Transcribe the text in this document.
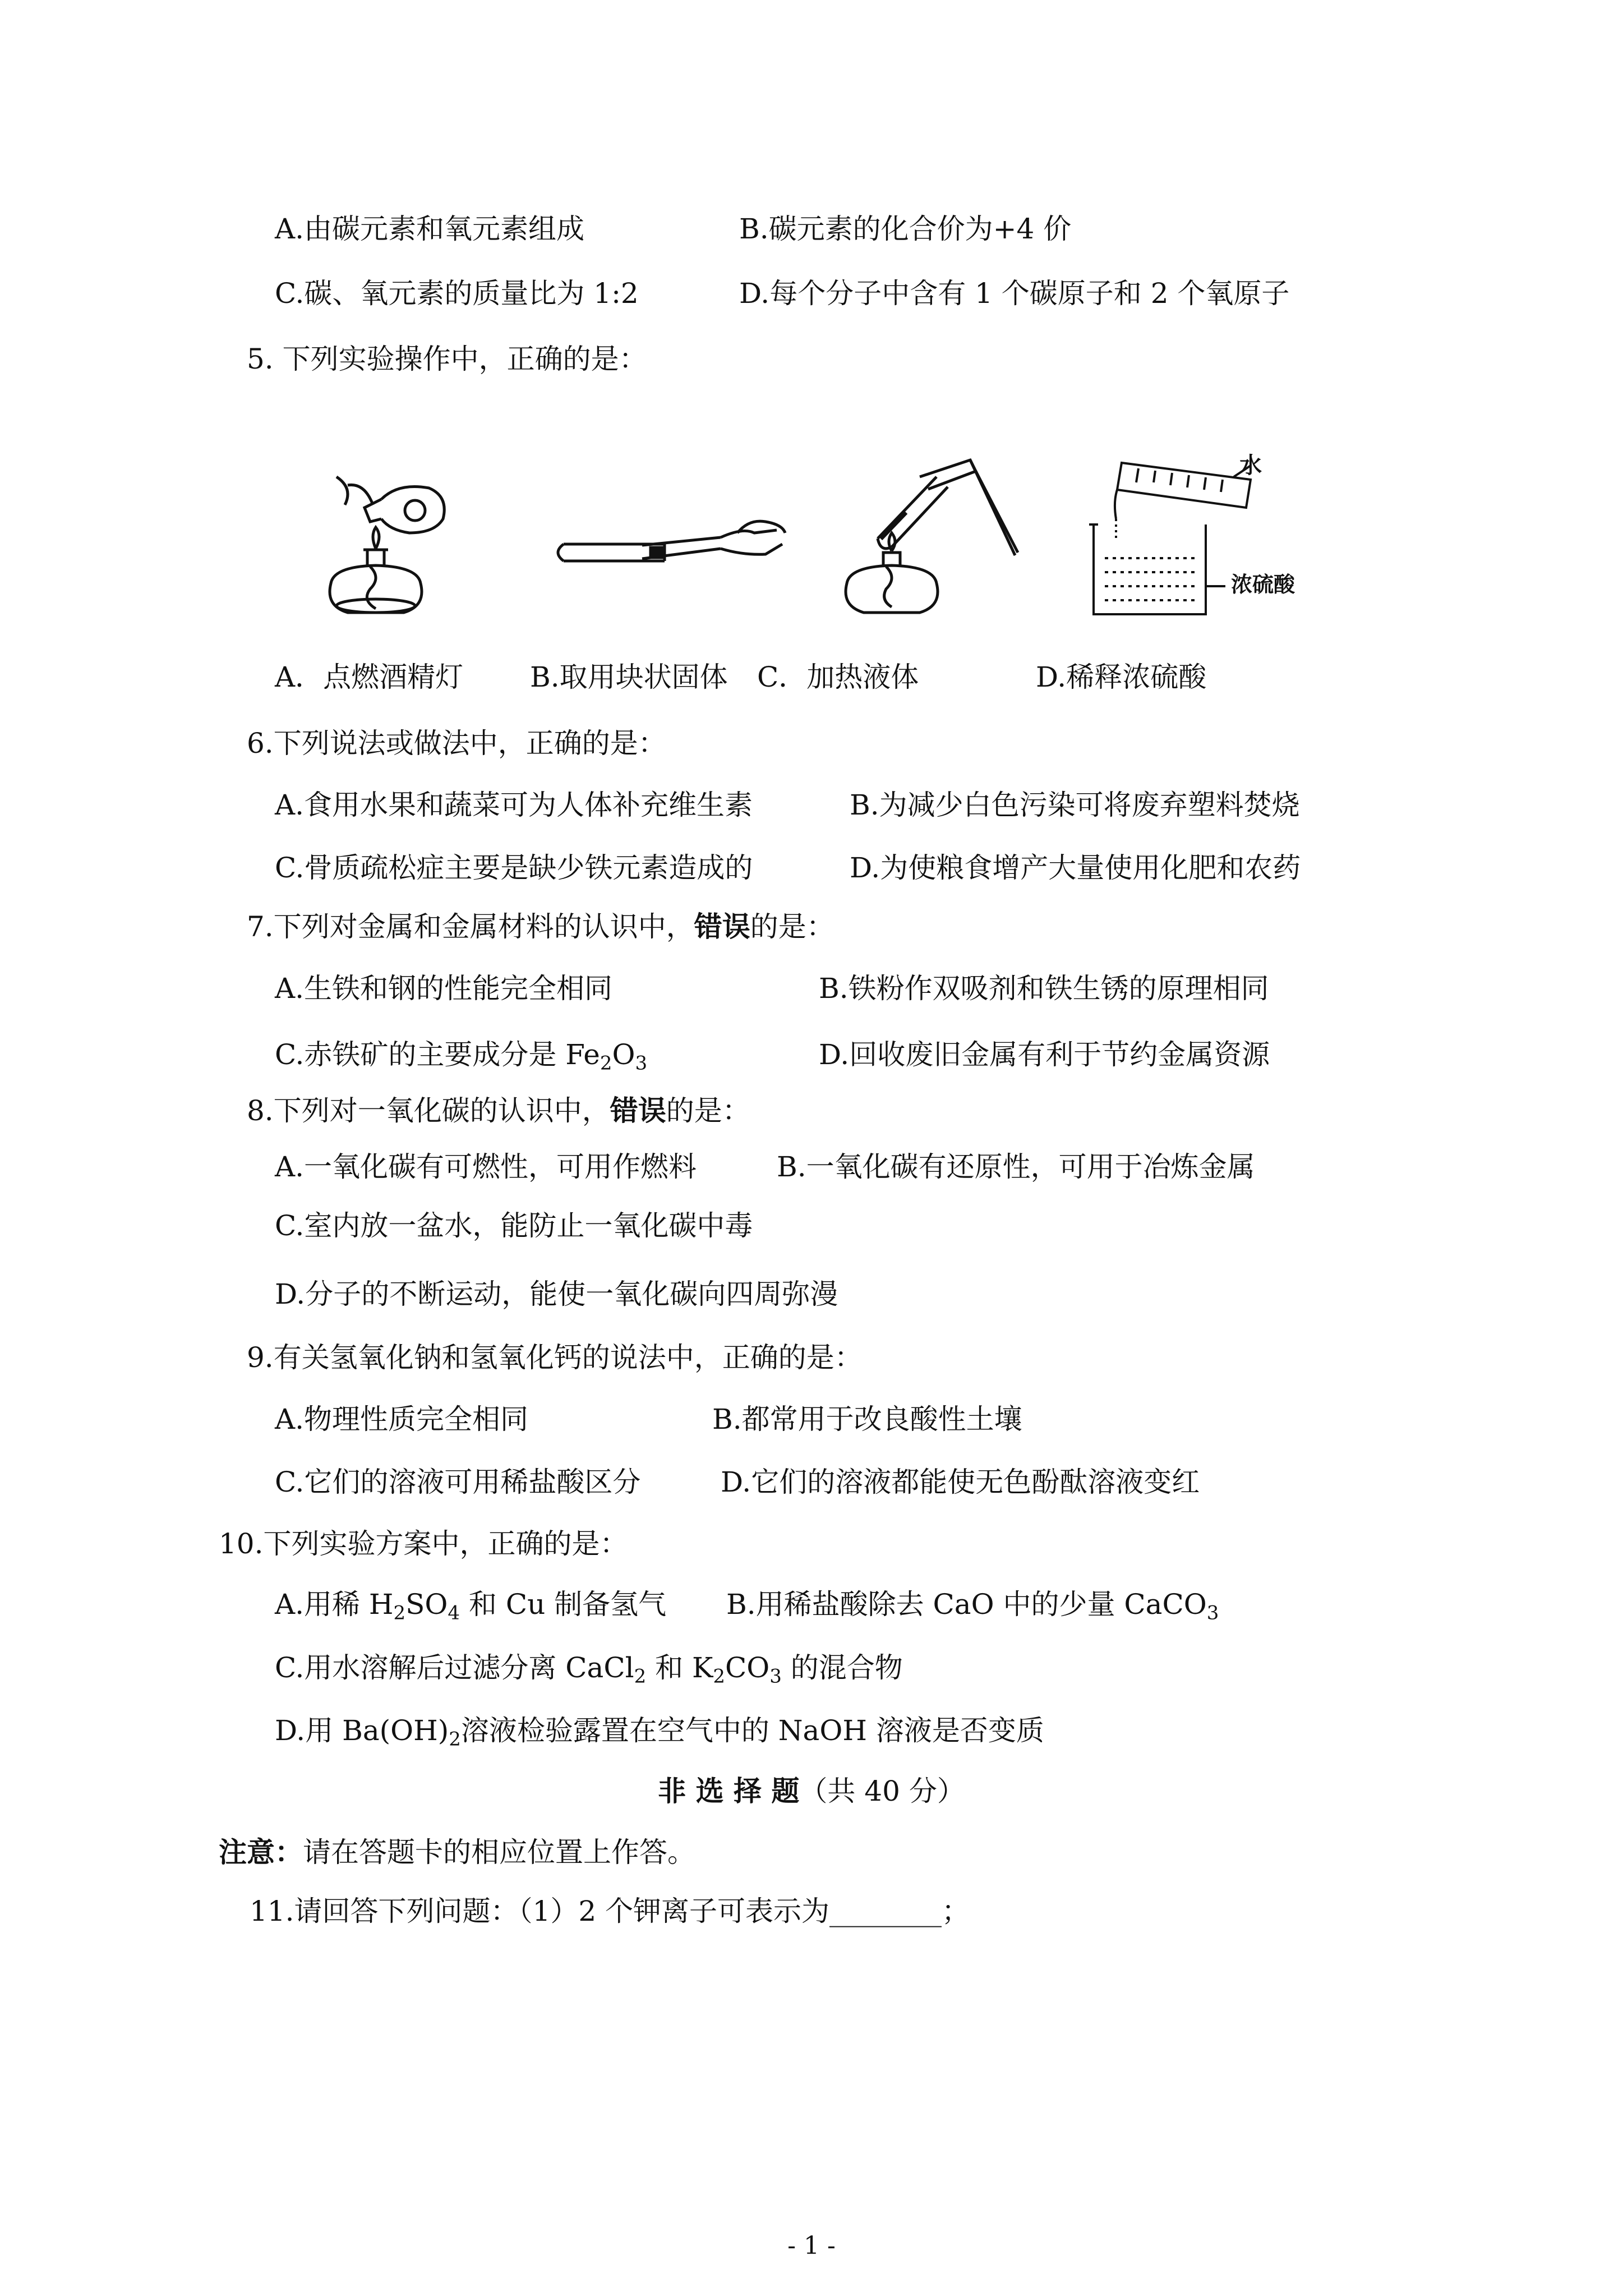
A.由碳元素和氧元素组成	B.碳元素的化合价为+4 价
C.碳、氧元素的质量比为 1:2	D.每个分子中含有 1 个碳原子和 2 个氧原子
5. 下列实验操作中，正确的是：
水
浓硫酸
A．点燃酒精灯 B.取用块状固体 C．加热液体	D.稀释浓硫酸
6.下列说法或做法中，正确的是：
A.食用水果和蔬菜可为人体补充维生素	B.为减少白色污染可将废弃塑料焚烧
C.骨质疏松症主要是缺少铁元素造成的	D.为使粮食增产大量使用化肥和农药
7.下列对金属和金属材料的认识中，错误的是：
A.生铁和钢的性能完全相同	B.铁粉作双吸剂和铁生锈的原理相同
C.赤铁矿的主要成分是 $Fe_2O_3$	D.回收废旧金属有利于节约金属资源
8.下列对一氧化碳的认识中，错误的是：
A.一氧化碳有可燃性，可用作燃料	B.一氧化碳有还原性，可用于冶炼金属
C.室内放一盆水，能防止一氧化碳中毒
D.分子的不断运动，能使一氧化碳向四周弥漫
9.有关氢氧化钠和氢氧化钙的说法中，正确的是：
A.物理性质完全相同	B.都常用于改良酸性土壤
C.它们的溶液可用稀盐酸区分	D.它们的溶液都能使无色酚酞溶液变红
10.下列实验方案中，正确的是：
A.用稀 $H_2SO_4$ 和 Cu 制备氢气 B.用稀盐酸除去 CaO 中的少量 CaCO$_3$
C.用水溶解后过滤分离 CaCl$_2$ 和 $K_2CO_3$ 的混合物
D.用 $Ba(OH)_2$溶液检验露置在空气中的 NaOH 溶液是否变质
非 选 择 题（共 40 分）
注意：请在答题卡的相应位置上作答。
11.请回答下列问题：（1）2 个钾离子可表示为________；
- 1 -
